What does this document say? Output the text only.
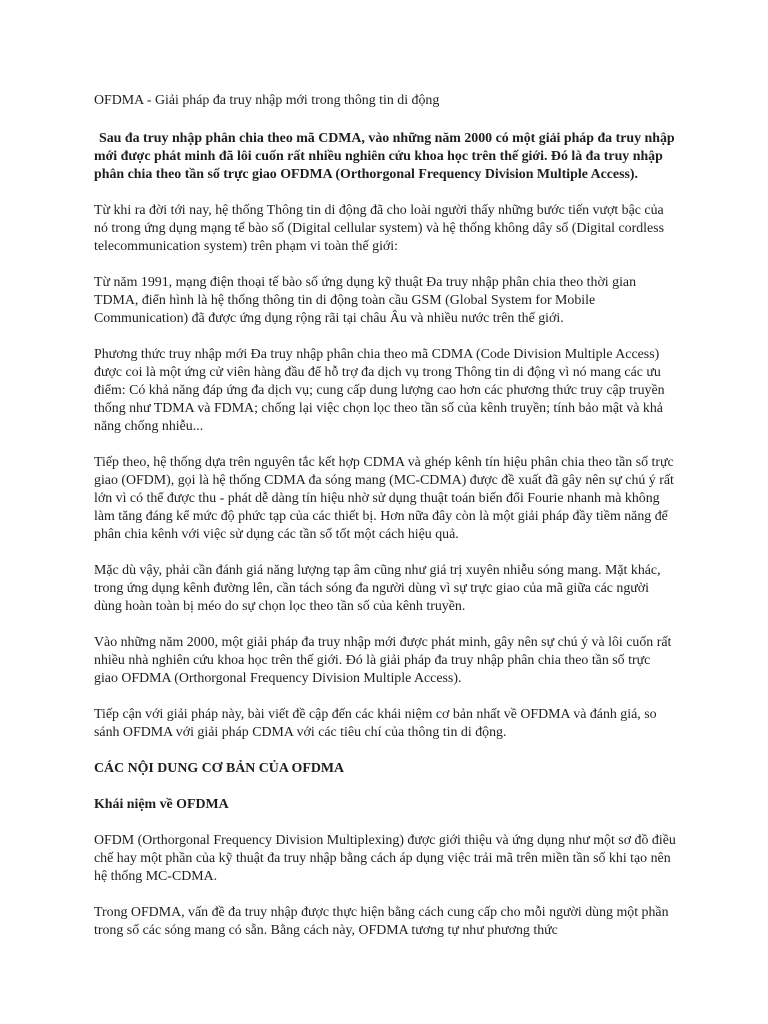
OFDMA - Giải pháp đa truy nhập mới trong thông tin di động

Sau đa truy nhập phân chia theo mã CDMA, vào những năm 2000 có một giải pháp đa truy nhập mới được phát minh đã lôi cuốn rất nhiều nghiên cứu khoa học trên thế giới. Đó là đa truy nhập phân chia theo tần số trực giao OFDMA (Orthorgonal Frequency Division Multiple Access).

Từ khi ra đời tới nay, hệ thống Thông tin di động đã cho loài người thấy những bước tiến vượt bậc của nó trong ứng dụng mạng tế bào số (Digital cellular system) và hệ thống không dây số (Digital cordless telecommunication system) trên phạm vi toàn thế giới:

Từ năm 1991, mạng điện thoại tế bào số ứng dụng kỹ thuật Đa truy nhập phân chia theo thời gian TDMA, điển hình là hệ thống thông tin di động toàn cầu GSM (Global System for Mobile Communication) đã được ứng dụng rộng rãi tại châu Âu và nhiều nước trên thế giới.

Phương thức truy nhập mới Đa truy nhập phân chia theo mã CDMA (Code Division Multiple Access) được coi là một ứng cử viên hàng đầu để hỗ trợ đa dịch vụ trong Thông tin di động vì nó mang các ưu điểm: Có khả năng đáp ứng đa dịch vụ; cung cấp dung lượng cao hơn các phương thức truy cập truyền thống như TDMA và FDMA; chống lại việc chọn lọc theo tần số của kênh truyền; tính bảo mật và khả năng chống nhiễu...

Tiếp theo, hệ thống dựa trên nguyên tắc kết hợp CDMA và ghép kênh tín hiệu phân chia theo tần số trực giao (OFDM), gọi là hệ thống CDMA đa sóng mang (MC-CDMA) được đề xuất đã gây nên sự chú ý rất lớn vì có thể được thu - phát dễ dàng tín hiệu nhờ sử dụng thuật toán biến đổi Fourie nhanh mà không làm tăng đáng kể mức độ phức tạp của các thiết bị. Hơn nữa đây còn là một giải pháp đầy tiềm năng để phân chia kênh với việc sử dụng các tần số tốt một cách hiệu quả.

Mặc dù vậy, phải cần đánh giá năng lượng tạp âm cũng như giá trị xuyên nhiễu sóng mang. Mặt khác, trong ứng dụng kênh đường lên, cần tách sóng đa người dùng vì sự trực giao của mã giữa các người dùng hoàn toàn bị méo do sự chọn lọc theo tần số của kênh truyền.

Vào những năm 2000, một giải pháp đa truy nhập mới được phát minh, gây nên sự chú ý và lôi cuốn rất nhiều nhà nghiên cứu khoa học trên thế giới. Đó là giải pháp đa truy nhập phân chia theo tần số trực giao OFDMA (Orthorgonal Frequency Division Multiple Access).

Tiếp cận với giải pháp này, bài viết đề cập đến các khái niệm cơ bản nhất về OFDMA và đánh giá, so sánh OFDMA với giải pháp CDMA với các tiêu chí của thông tin di động.

CÁC NỘI DUNG CƠ BẢN CỦA OFDMA

Khái niệm về OFDMA

OFDM (Orthorgonal Frequency Division Multiplexing) được giới thiệu và ứng dụng như một sơ đồ điều chế hay một phần của kỹ thuật đa truy nhập bằng cách áp dụng việc trải mã trên miền tần số khi tạo nên hệ thống MC-CDMA.

Trong OFDMA, vấn đề đa truy nhập được thực hiện bằng cách cung cấp cho mỗi người dùng một phần trong số các sóng mang có sẵn. Bằng cách này, OFDMA tương tự như phương thức
